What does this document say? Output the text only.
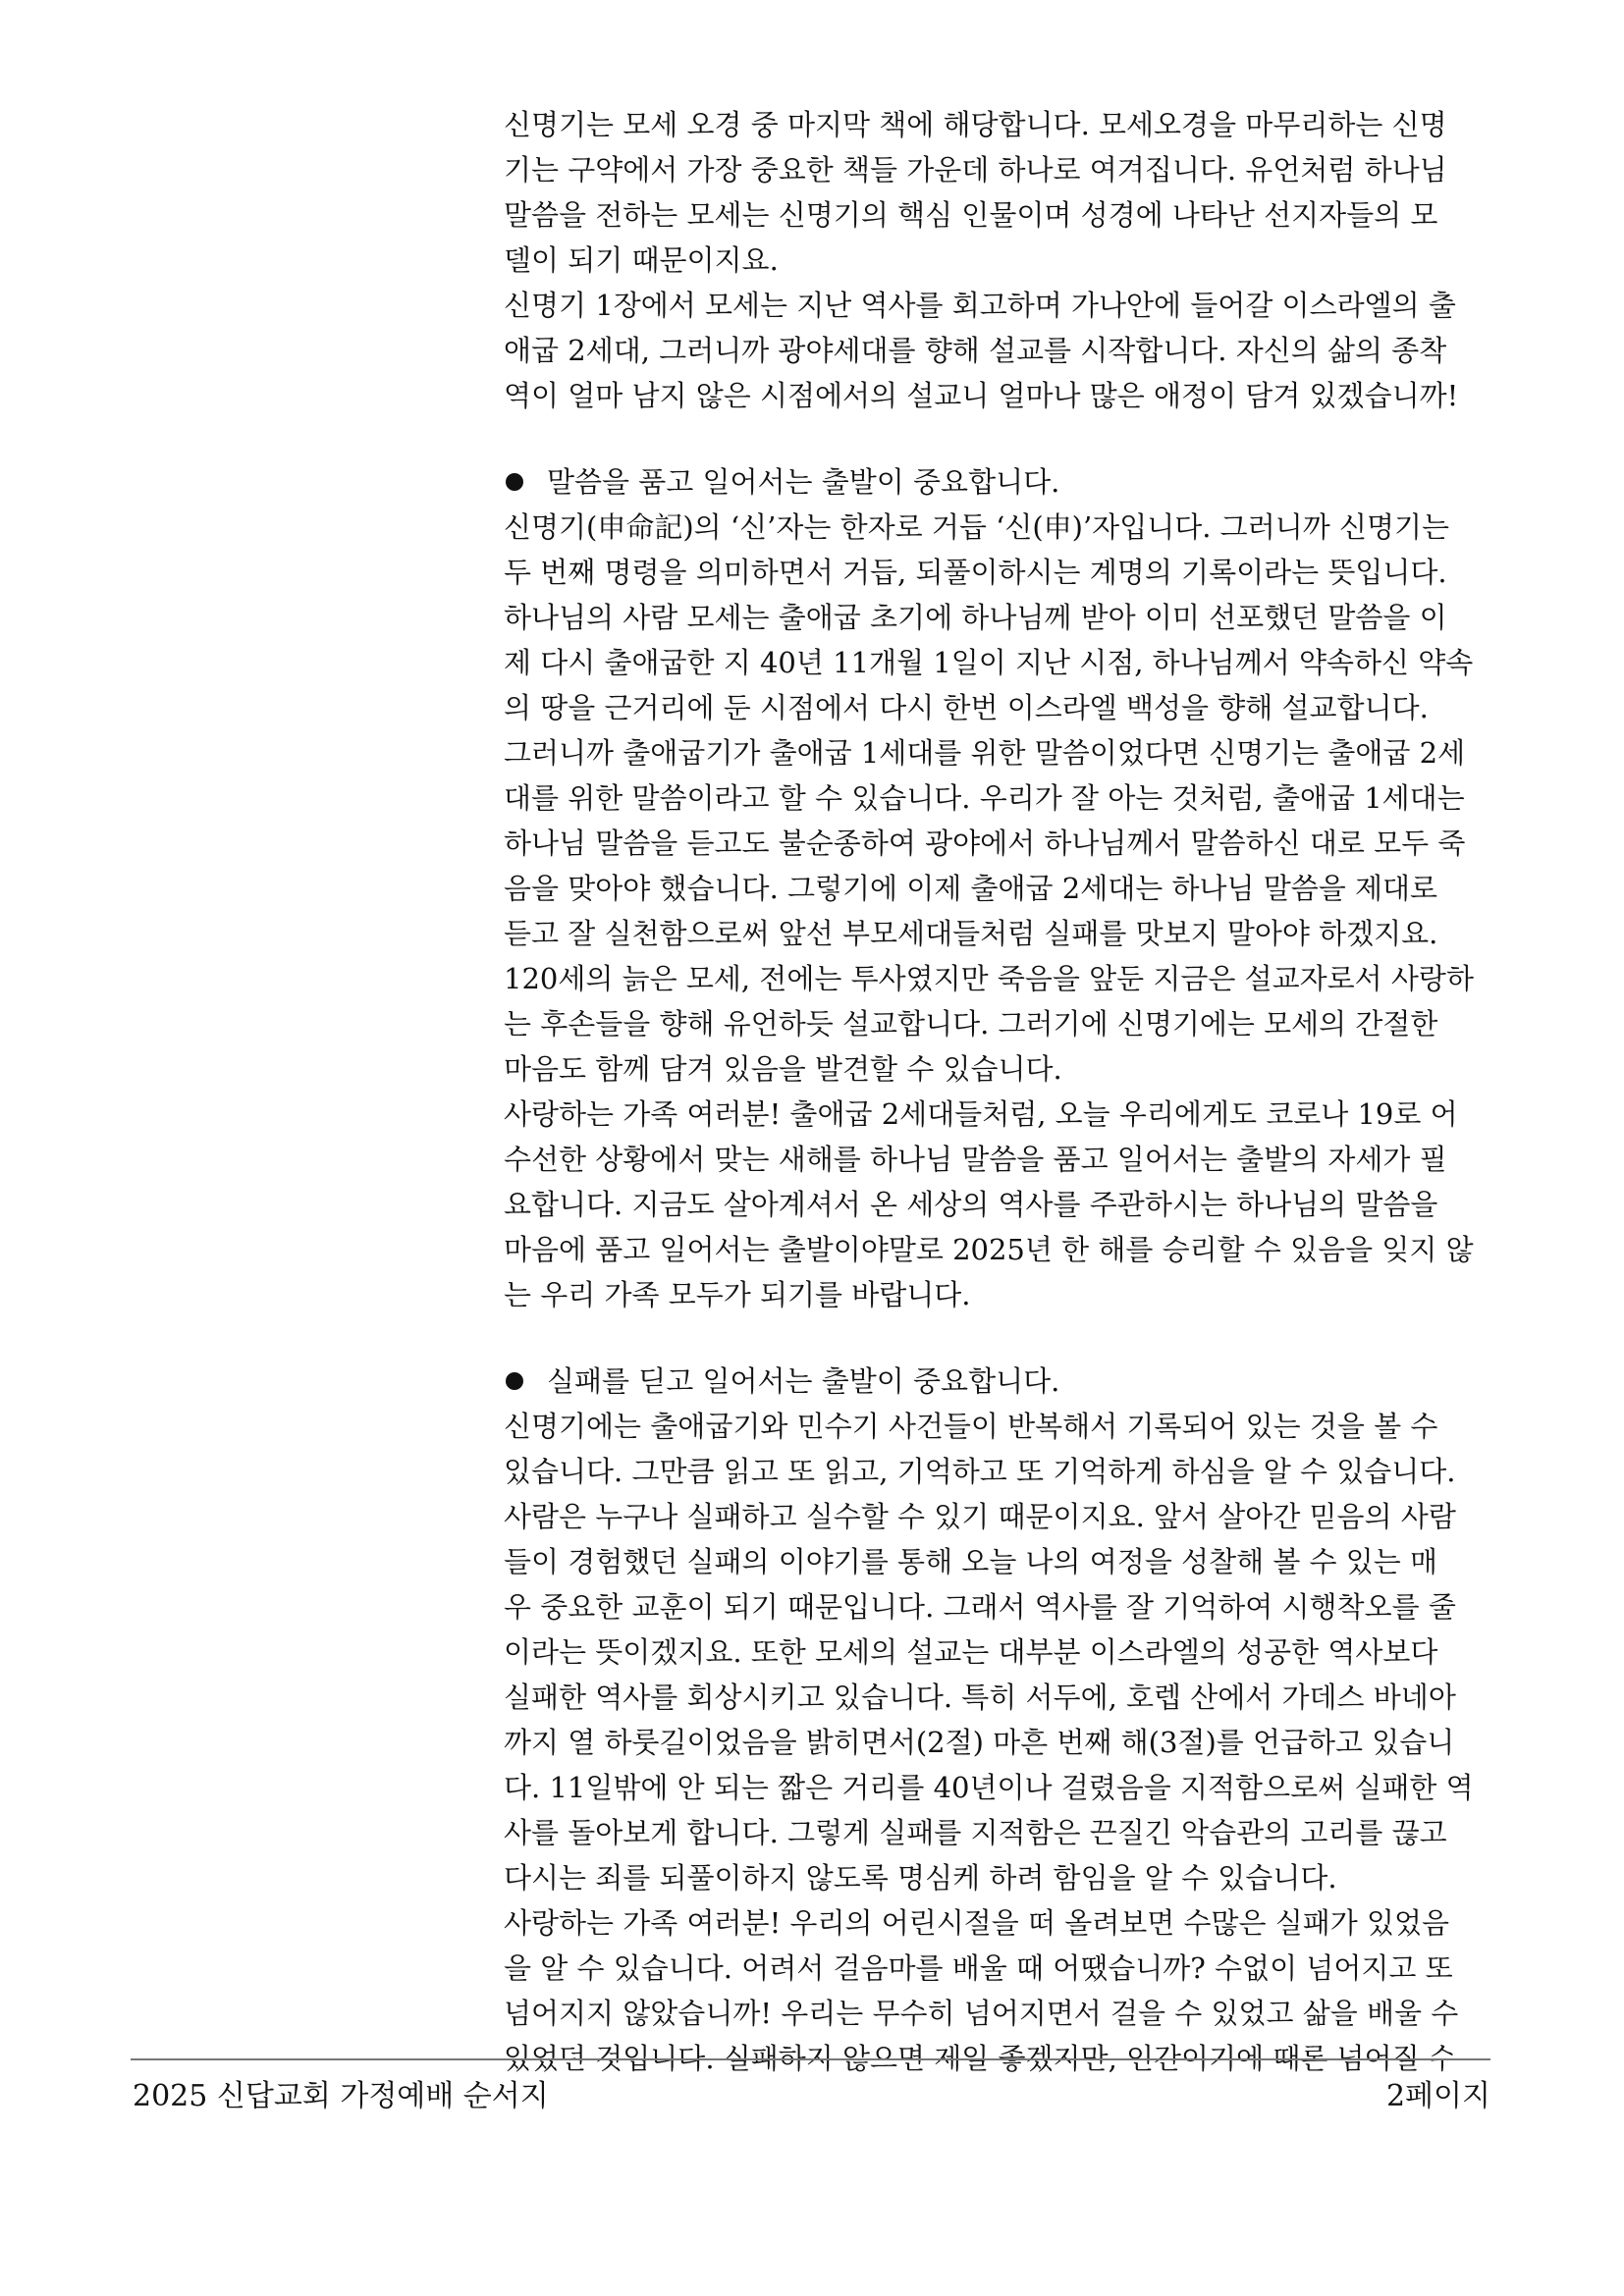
신명기는 모세 오경 중 마지막 책에 해당합니다. 모세오경을 마무리하는 신명
기는 구약에서 가장 중요한 책들 가운데 하나로 여겨집니다. 유언처럼 하나님
말씀을 전하는 모세는 신명기의 핵심 인물이며 성경에 나타난 선지자들의 모
델이 되기 때문이지요.
신명기 1장에서 모세는 지난 역사를 회고하며 가나안에 들어갈 이스라엘의 출
애굽 2세대, 그러니까 광야세대를 향해 설교를 시작합니다. 자신의 삶의 종착
역이 얼마 남지 않은 시점에서의 설교니 얼마나 많은 애정이 담겨 있겠습니까!
말씀을 품고 일어서는 출발이 중요합니다.
신명기(申命記)의 ‘신’자는 한자로 거듭 ‘신(申)’자입니다. 그러니까 신명기는
두 번째 명령을 의미하면서 거듭, 되풀이하시는 계명의 기록이라는 뜻입니다.
하나님의 사람 모세는 출애굽 초기에 하나님께 받아 이미 선포했던 말씀을 이
제 다시 출애굽한 지 40년 11개월 1일이 지난 시점, 하나님께서 약속하신 약속
의 땅을 근거리에 둔 시점에서 다시 한번 이스라엘 백성을 향해 설교합니다.
그러니까 출애굽기가 출애굽 1세대를 위한 말씀이었다면 신명기는 출애굽 2세
대를 위한 말씀이라고 할 수 있습니다. 우리가 잘 아는 것처럼, 출애굽 1세대는
하나님 말씀을 듣고도 불순종하여 광야에서 하나님께서 말씀하신 대로 모두 죽
음을 맞아야 했습니다. 그렇기에 이제 출애굽 2세대는 하나님 말씀을 제대로
듣고 잘 실천함으로써 앞선 부모세대들처럼 실패를 맛보지 말아야 하겠지요.
120세의 늙은 모세, 전에는 투사였지만 죽음을 앞둔 지금은 설교자로서 사랑하
는 후손들을 향해 유언하듯 설교합니다. 그러기에 신명기에는 모세의 간절한
마음도 함께 담겨 있음을 발견할 수 있습니다.
사랑하는 가족 여러분! 출애굽 2세대들처럼, 오늘 우리에게도 코로나 19로 어
수선한 상황에서 맞는 새해를 하나님 말씀을 품고 일어서는 출발의 자세가 필
요합니다. 지금도 살아계셔서 온 세상의 역사를 주관하시는 하나님의 말씀을
마음에 품고 일어서는 출발이야말로 2025년 한 해를 승리할 수 있음을 잊지 않
는 우리 가족 모두가 되기를 바랍니다.
실패를 딛고 일어서는 출발이 중요합니다.
신명기에는 출애굽기와 민수기 사건들이 반복해서 기록되어 있는 것을 볼 수
있습니다. 그만큼 읽고 또 읽고, 기억하고 또 기억하게 하심을 알 수 있습니다.
사람은 누구나 실패하고 실수할 수 있기 때문이지요. 앞서 살아간 믿음의 사람
들이 경험했던 실패의 이야기를 통해 오늘 나의 여정을 성찰해 볼 수 있는 매
우 중요한 교훈이 되기 때문입니다. 그래서 역사를 잘 기억하여 시행착오를 줄
이라는 뜻이겠지요. 또한 모세의 설교는 대부분 이스라엘의 성공한 역사보다
실패한 역사를 회상시키고 있습니다. 특히 서두에, 호렙 산에서 가데스 바네아
까지 열 하룻길이었음을 밝히면서(2절) 마흔 번째 해(3절)를 언급하고 있습니
다. 11일밖에 안 되는 짧은 거리를 40년이나 걸렸음을 지적함으로써 실패한 역
사를 돌아보게 합니다. 그렇게 실패를 지적함은 끈질긴 악습관의 고리를 끊고
다시는 죄를 되풀이하지 않도록 명심케 하려 함임을 알 수 있습니다.
사랑하는 가족 여러분! 우리의 어린시절을 떠 올려보면 수많은 실패가 있었음
을 알 수 있습니다. 어려서 걸음마를 배울 때 어땠습니까? 수없이 넘어지고 또
넘어지지 않았습니까! 우리는 무수히 넘어지면서 걸을 수 있었고 삶을 배울 수
있었던 것입니다. 실패하지 않으면 제일 좋겠지만, 인간이기에 때론 넘어질 수
2025 신답교회 가정예배 순서지	2페이지
